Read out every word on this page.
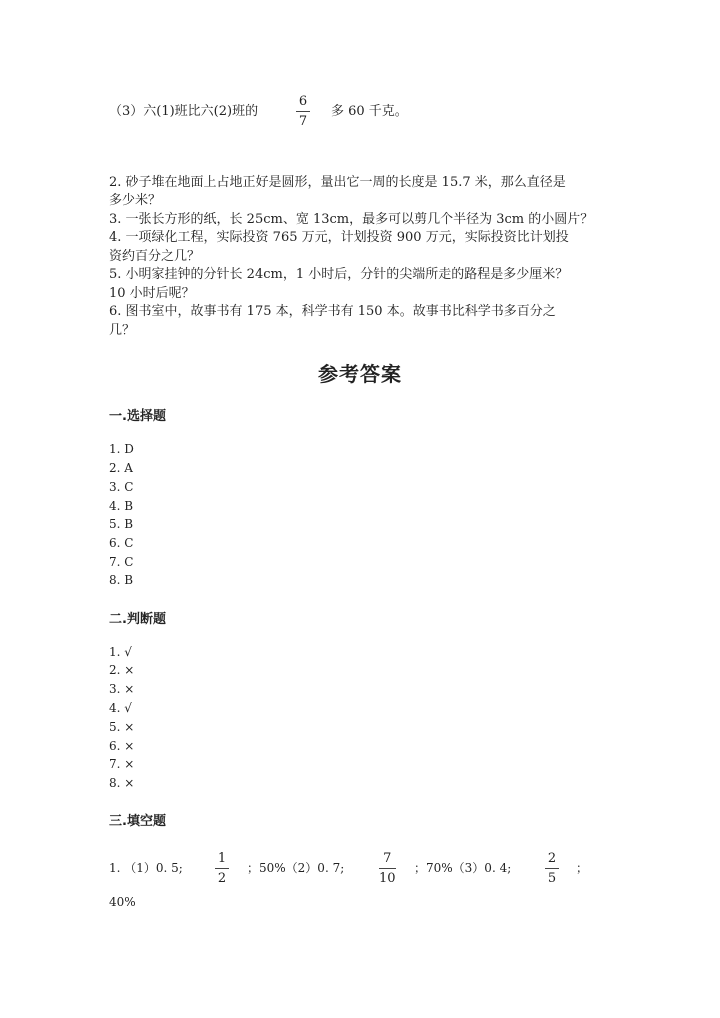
（3）六(1)班比六(2)班的
6
7
多 60 千克。
2. 砂子堆在地面上占地正好是圆形，量出它一周的长度是 15.7 米，那么直径是
多少米？
3. 一张长方形的纸，长 25cm、宽 13cm，最多可以剪几个半径为 3cm 的小圆片？
4. 一项绿化工程，实际投资 765 万元，计划投资 900 万元，实际投资比计划投
资约百分之几？
5. 小明家挂钟的分针长 24cm，1 小时后，分针的尖端所走的路程是多少厘米？
10 小时后呢？
6. 图书室中，故事书有 175 本，科学书有 150 本。故事书比科学书多百分之
几？
参考答案
一.选择题
1. D
2. A
3. C
4. B
5. B
6. C
7. C
8. B
二.判断题
1. √
2. ×
3. ×
4. √
5. ×
6. ×
7. ×
8. ×
三.填空题
1. （1）0. 5;
1
2
；50%（2）0. 7;
7
10
；70%（3）0. 4;
2
5
；
40%
